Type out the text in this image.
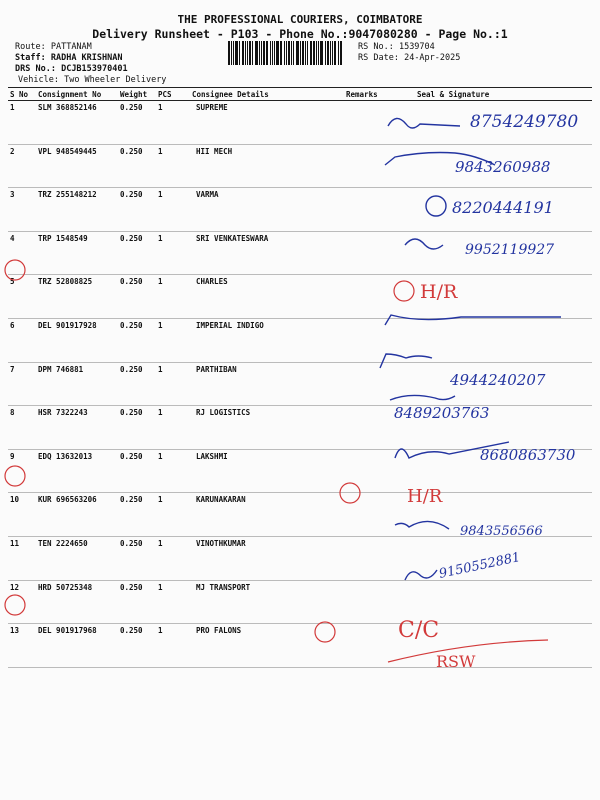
THE PROFESSIONAL COURIERS, COIMBATORE
Delivery Runsheet - P103 - Phone No.:9047080280 - Page No.:1
Route: PATTANAM
Staff: RADHA KRISHNAN
DRS No.: DCJB153970401
Vehicle: Two Wheeler Delivery
RS No.: 1539704
RS Date: 24-Apr-2025
S No	Consignment No	Weight	PCS	Consignee Details	Remarks	Seal & Signature
1	SLM 368852146	0.250	1	SUPREME		
2	VPL 948549445	0.250	1	HII MECH		
3	TRZ 255148212	0.250	1	VARMA		
4	TRP 1548549	0.250	1	SRI VENKATESWARA		
5	TRZ 52808825	0.250	1	CHARLES		
6	DEL 901917928	0.250	1	IMPERIAL INDIGO		
7	DPM 746881	0.250	1	PARTHIBAN		
8	HSR 7322243	0.250	1	RJ LOGISTICS		
9	EDQ 13632013	0.250	1	LAKSHMI		
10	KUR 696563206	0.250	1	KARUNAKARAN		
11	TEN 2224650	0.250	1	VINOTHKUMAR		
12	HRD 50725348	0.250	1	MJ TRANSPORT		
13	DEL 901917968	0.250	1	PRO FALONS		
8754249780
9843260988
8220444191
9952119927
H/R
4944240207
8489203763
8680863730
H/R
9843556566
9150552881
C/C
RSW
